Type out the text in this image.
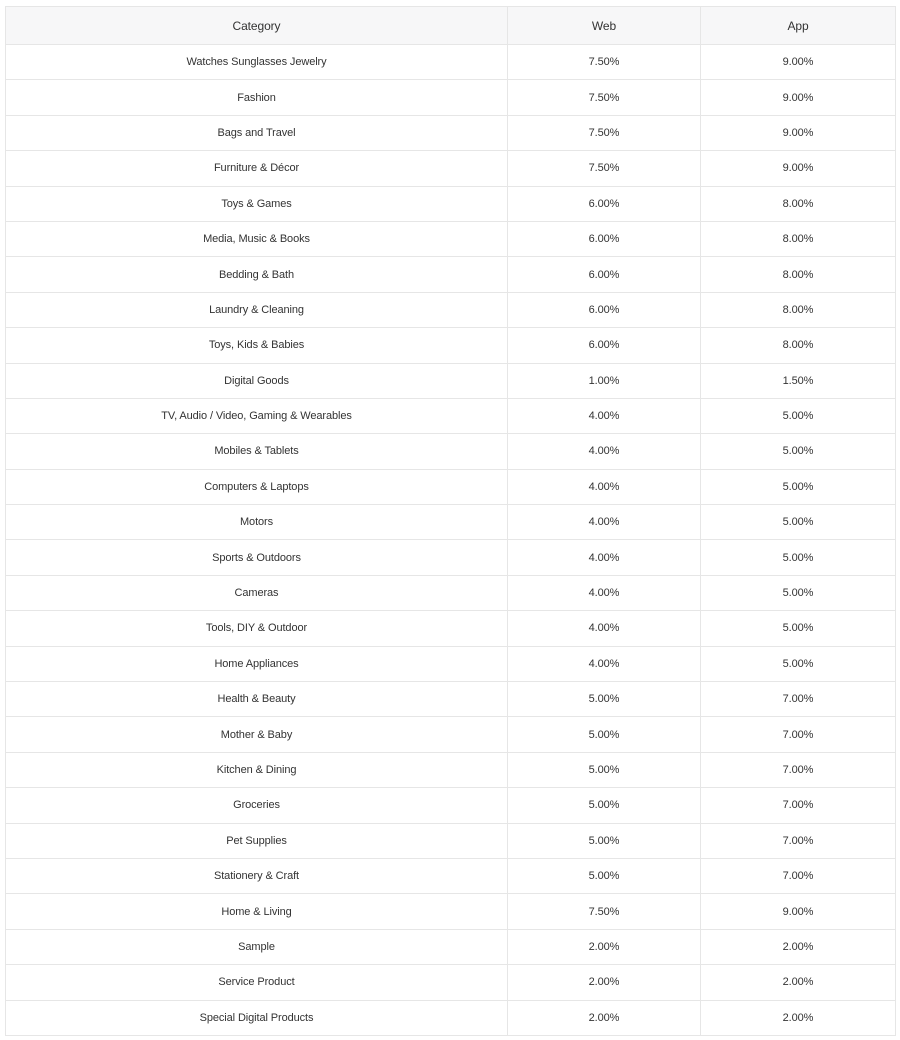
Category	Web	App
Watches Sunglasses Jewelry	7.50%	9.00%
Fashion	7.50%	9.00%
Bags and Travel	7.50%	9.00%
Furniture & Décor	7.50%	9.00%
Toys & Games	6.00%	8.00%
Media, Music & Books	6.00%	8.00%
Bedding & Bath	6.00%	8.00%
Laundry & Cleaning	6.00%	8.00%
Toys, Kids & Babies	6.00%	8.00%
Digital Goods	1.00%	1.50%
TV, Audio / Video, Gaming & Wearables	4.00%	5.00%
Mobiles & Tablets	4.00%	5.00%
Computers & Laptops	4.00%	5.00%
Motors	4.00%	5.00%
Sports & Outdoors	4.00%	5.00%
Cameras	4.00%	5.00%
Tools, DIY & Outdoor	4.00%	5.00%
Home Appliances	4.00%	5.00%
Health & Beauty	5.00%	7.00%
Mother & Baby	5.00%	7.00%
Kitchen & Dining	5.00%	7.00%
Groceries	5.00%	7.00%
Pet Supplies	5.00%	7.00%
Stationery & Craft	5.00%	7.00%
Home & Living	7.50%	9.00%
Sample	2.00%	2.00%
Service Product	2.00%	2.00%
Special Digital Products	2.00%	2.00%
